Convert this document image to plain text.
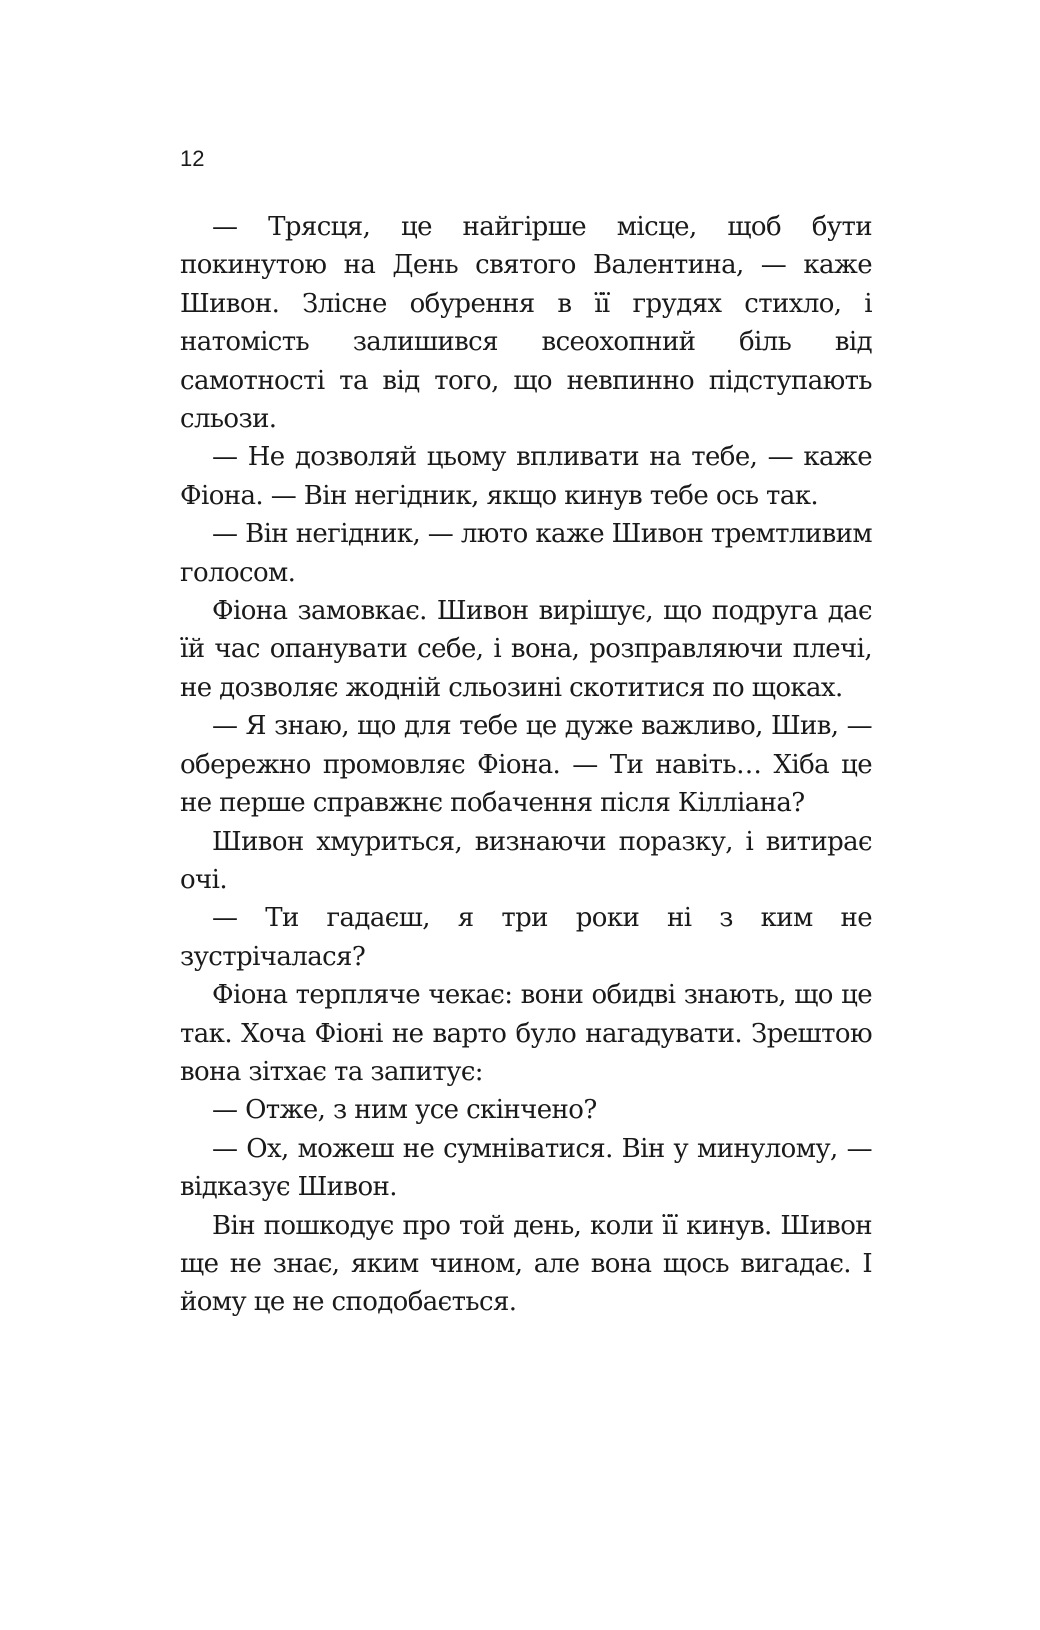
12

— Трясця, це найгірше місце, щоб бути покинутою на День святого Валентина, — каже Шивон. Злісне обурення в її грудях стихло, і натомість залишився всеохопний біль від самотності та від того, що невпинно підступають сльози.

— Не дозволяй цьому впливати на тебе, — каже Фіона. — Він негідник, якщо кинув тебе ось так.

— Він негідник, — люто каже Шивон тремтливим голосом.

Фіона замовкає. Шивон вирішує, що подруга дає їй час опанувати себе, і вона, розправляючи плечі, не дозволяє жодній сльозині скотитися по щоках.

— Я знаю, що для тебе це дуже важливо, Шив, — обережно промовляє Фіона. — Ти навіть… Хіба це не перше справжнє побачення після Кілліана?

Шивон хмуриться, визнаючи поразку, і витирає очі.

— Ти гадаєш, я три роки ні з ким не зустрічалася?

Фіона терпляче чекає: вони обидві знають, що це так. Хоча Фіоні не варто було нагадувати. Зрештою вона зітхає та запитує:

— Отже, з ним усе скінчено?

— Ох, можеш не сумніватися. Він у минулому, — відказує Шивон.

Він пошкодує про той день, коли її кинув. Шивон ще не знає, яким чином, але вона щось вигадає. І йому це не сподобається.
